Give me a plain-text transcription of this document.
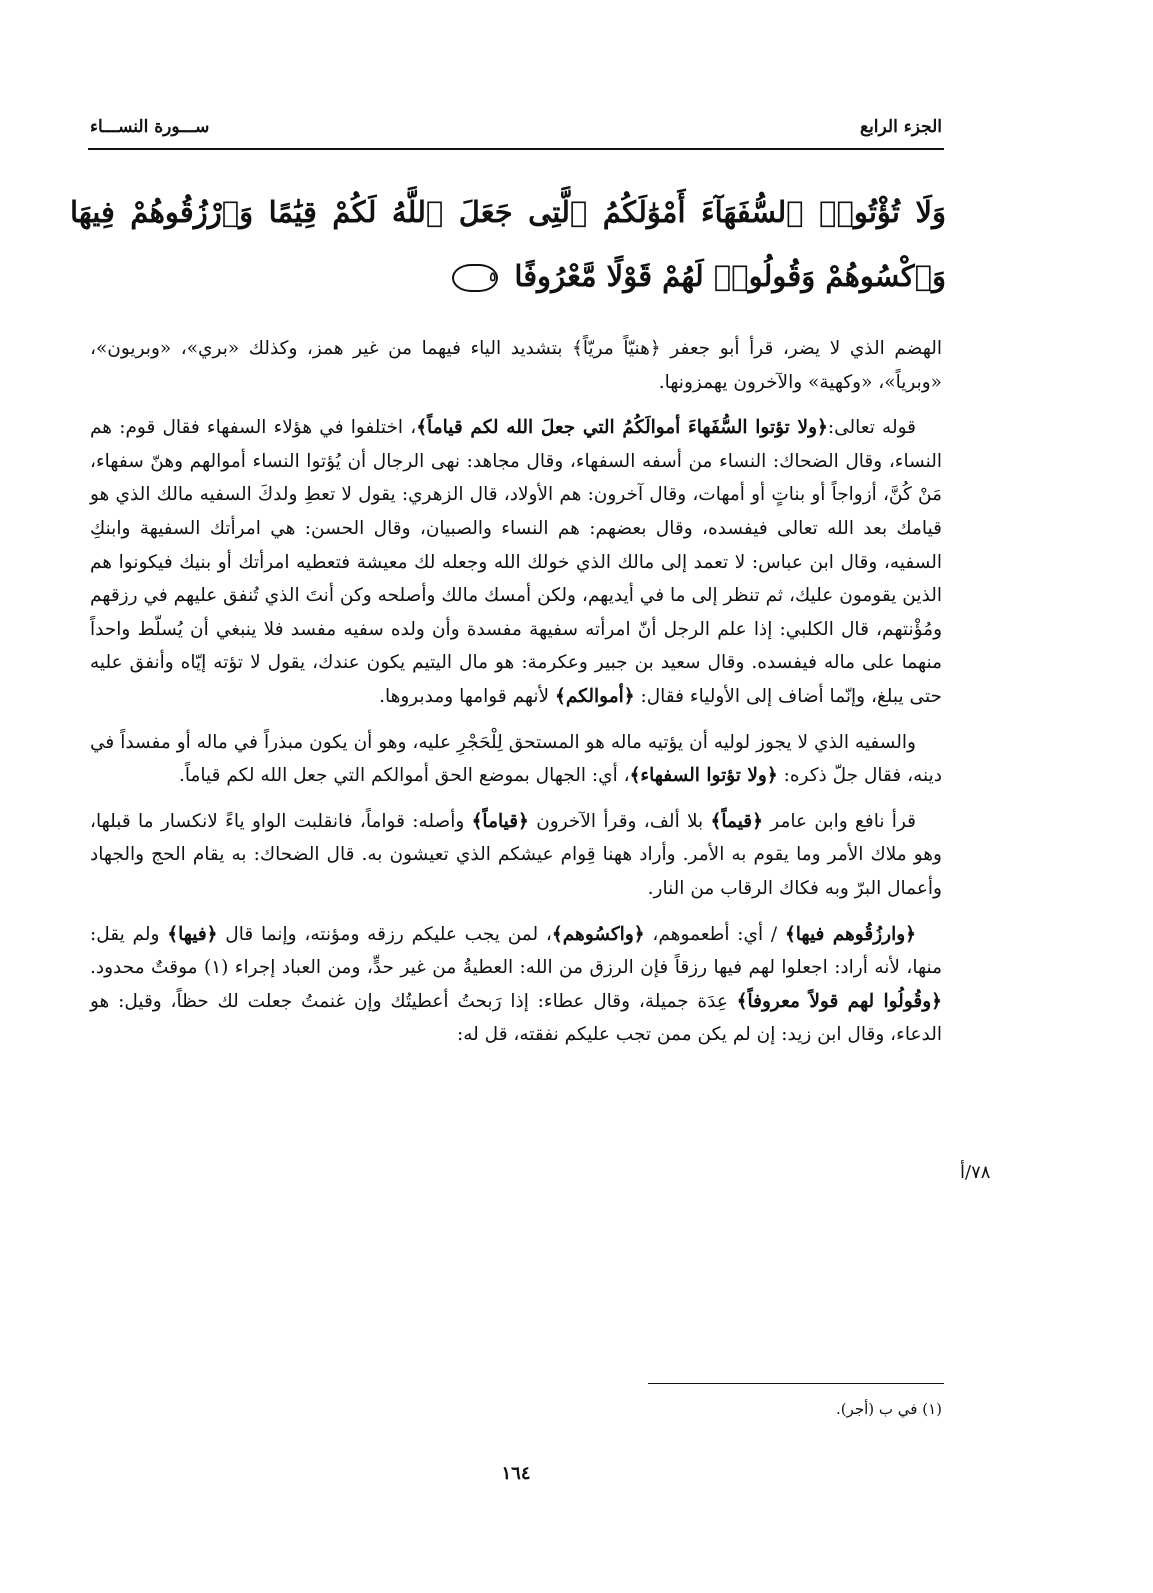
الجزء الرابع
ســـورة النســـاء
وَلَا تُؤْتُوا۟ ٱلسُّفَهَآءَ أَمْوَٰلَكُمُ ٱلَّتِى جَعَلَ ٱللَّهُ لَكُمْ قِيَٰمًا وَٱرْزُقُوهُمْ فِيهَا وَٱكْسُوهُمْ وَقُولُوا۟ لَهُمْ قَوْلًا مَّعْرُوفًا ٥

الهضم الذي لا يضر، قرأ أبو جعفر ﴿هنيّاً مريّاً﴾ بتشديد الياء فيهما من غير همز، وكذلك «بري»، «وبريون»، «وبرياً»، «وكهية» والآخرون يهمزونها.

قوله تعالى:﴿ولا تؤتوا السُّفَهاءَ أموالَكُمُ التي جعلَ الله لكم قياماً﴾، اختلفوا في هؤلاء السفهاء فقال قوم: هم النساء، وقال الضحاك: النساء من أسفه السفهاء، وقال مجاهد: نهى الرجال أن يُؤتوا النساء أموالهم وهنّ سفهاء، مَنْ كُنَّ، أزواجاً أو بناتٍ أو أمهات، وقال آخرون: هم الأولاد، قال الزهري: يقول لا تعطِ ولدكَ السفيه مالك الذي هو قيامك بعد الله تعالى فيفسده، وقال بعضهم: هم النساء والصبيان، وقال الحسن: هي امرأتك السفيهة وابنكِ السفيه، وقال ابن عباس: لا تعمد إلى مالك الذي خولك الله وجعله لك معيشة فتعطيه امرأتك أو بنيك فيكونوا هم الذين يقومون عليك، ثم تنظر إلى ما في أيديهم، ولكن أمسك مالك وأصلحه وكن أنتَ الذي تُنفق عليهم في رزقهم ومُؤْنتهم، قال الكلبي: إذا علم الرجل أنّ امرأته سفيهة مفسدة وأن ولده سفيه مفسد فلا ينبغي أن يُسلّط واحداً منهما على ماله فيفسده. وقال سعيد بن جبير وعكرمة: هو مال اليتيم يكون عندك، يقول لا تؤته إيّاه وأنفق عليه حتى يبلغ، وإنّما أضاف إلى الأولياء فقال: ﴿أموالكم﴾ لأنهم قوامها ومدبروها.

والسفيه الذي لا يجوز لوليه أن يؤتيه ماله هو المستحق لِلْحَجْرِ عليه، وهو أن يكون مبذراً في ماله أو مفسداً في دينه، فقال جلّ ذكره: ﴿ولا تؤتوا السفهاء﴾، أي: الجهال بموضع الحق أموالكم التي جعل الله لكم قياماً.

قرأ نافع وابن عامر ﴿قيماً﴾ بلا ألف، وقرأ الآخرون ﴿قياماً﴾ وأصله: قواماً، فانقلبت الواو ياءً لانكسار ما قبلها، وهو ملاك الأمر وما يقوم به الأمر. وأراد ههنا قِوام عيشكم الذي تعيشون به. قال الضحاك: به يقام الحج والجهاد وأعمال البرّ وبه فكاك الرقاب من النار.

﴿وارزُقُوهم فيها﴾ / أي: أطعموهم، ﴿واكسُوهم﴾، لمن يجب عليكم رزقه ومؤنته، وإنما قال ﴿فيها﴾ ولم يقل: منها، لأنه أراد: اجعلوا لهم فيها رزقاً فإن الرزق من الله: العطيةُ من غير حدٍّ، ومن العباد إجراء (١) موقتٌ محدود. ﴿وقُولُوا لهم قولاً معروفاً﴾ عِدَة جميلة، وقال عطاء: إذا رَبحتُ أعطيتُك وإن غنمتُ جعلت لك حظاً، وقيل: هو الدعاء، وقال ابن زيد: إن لم يكن ممن تجب عليكم نفقته، قل له:

٧٨/أ
(١) في ب (أجر).
١٦٤
